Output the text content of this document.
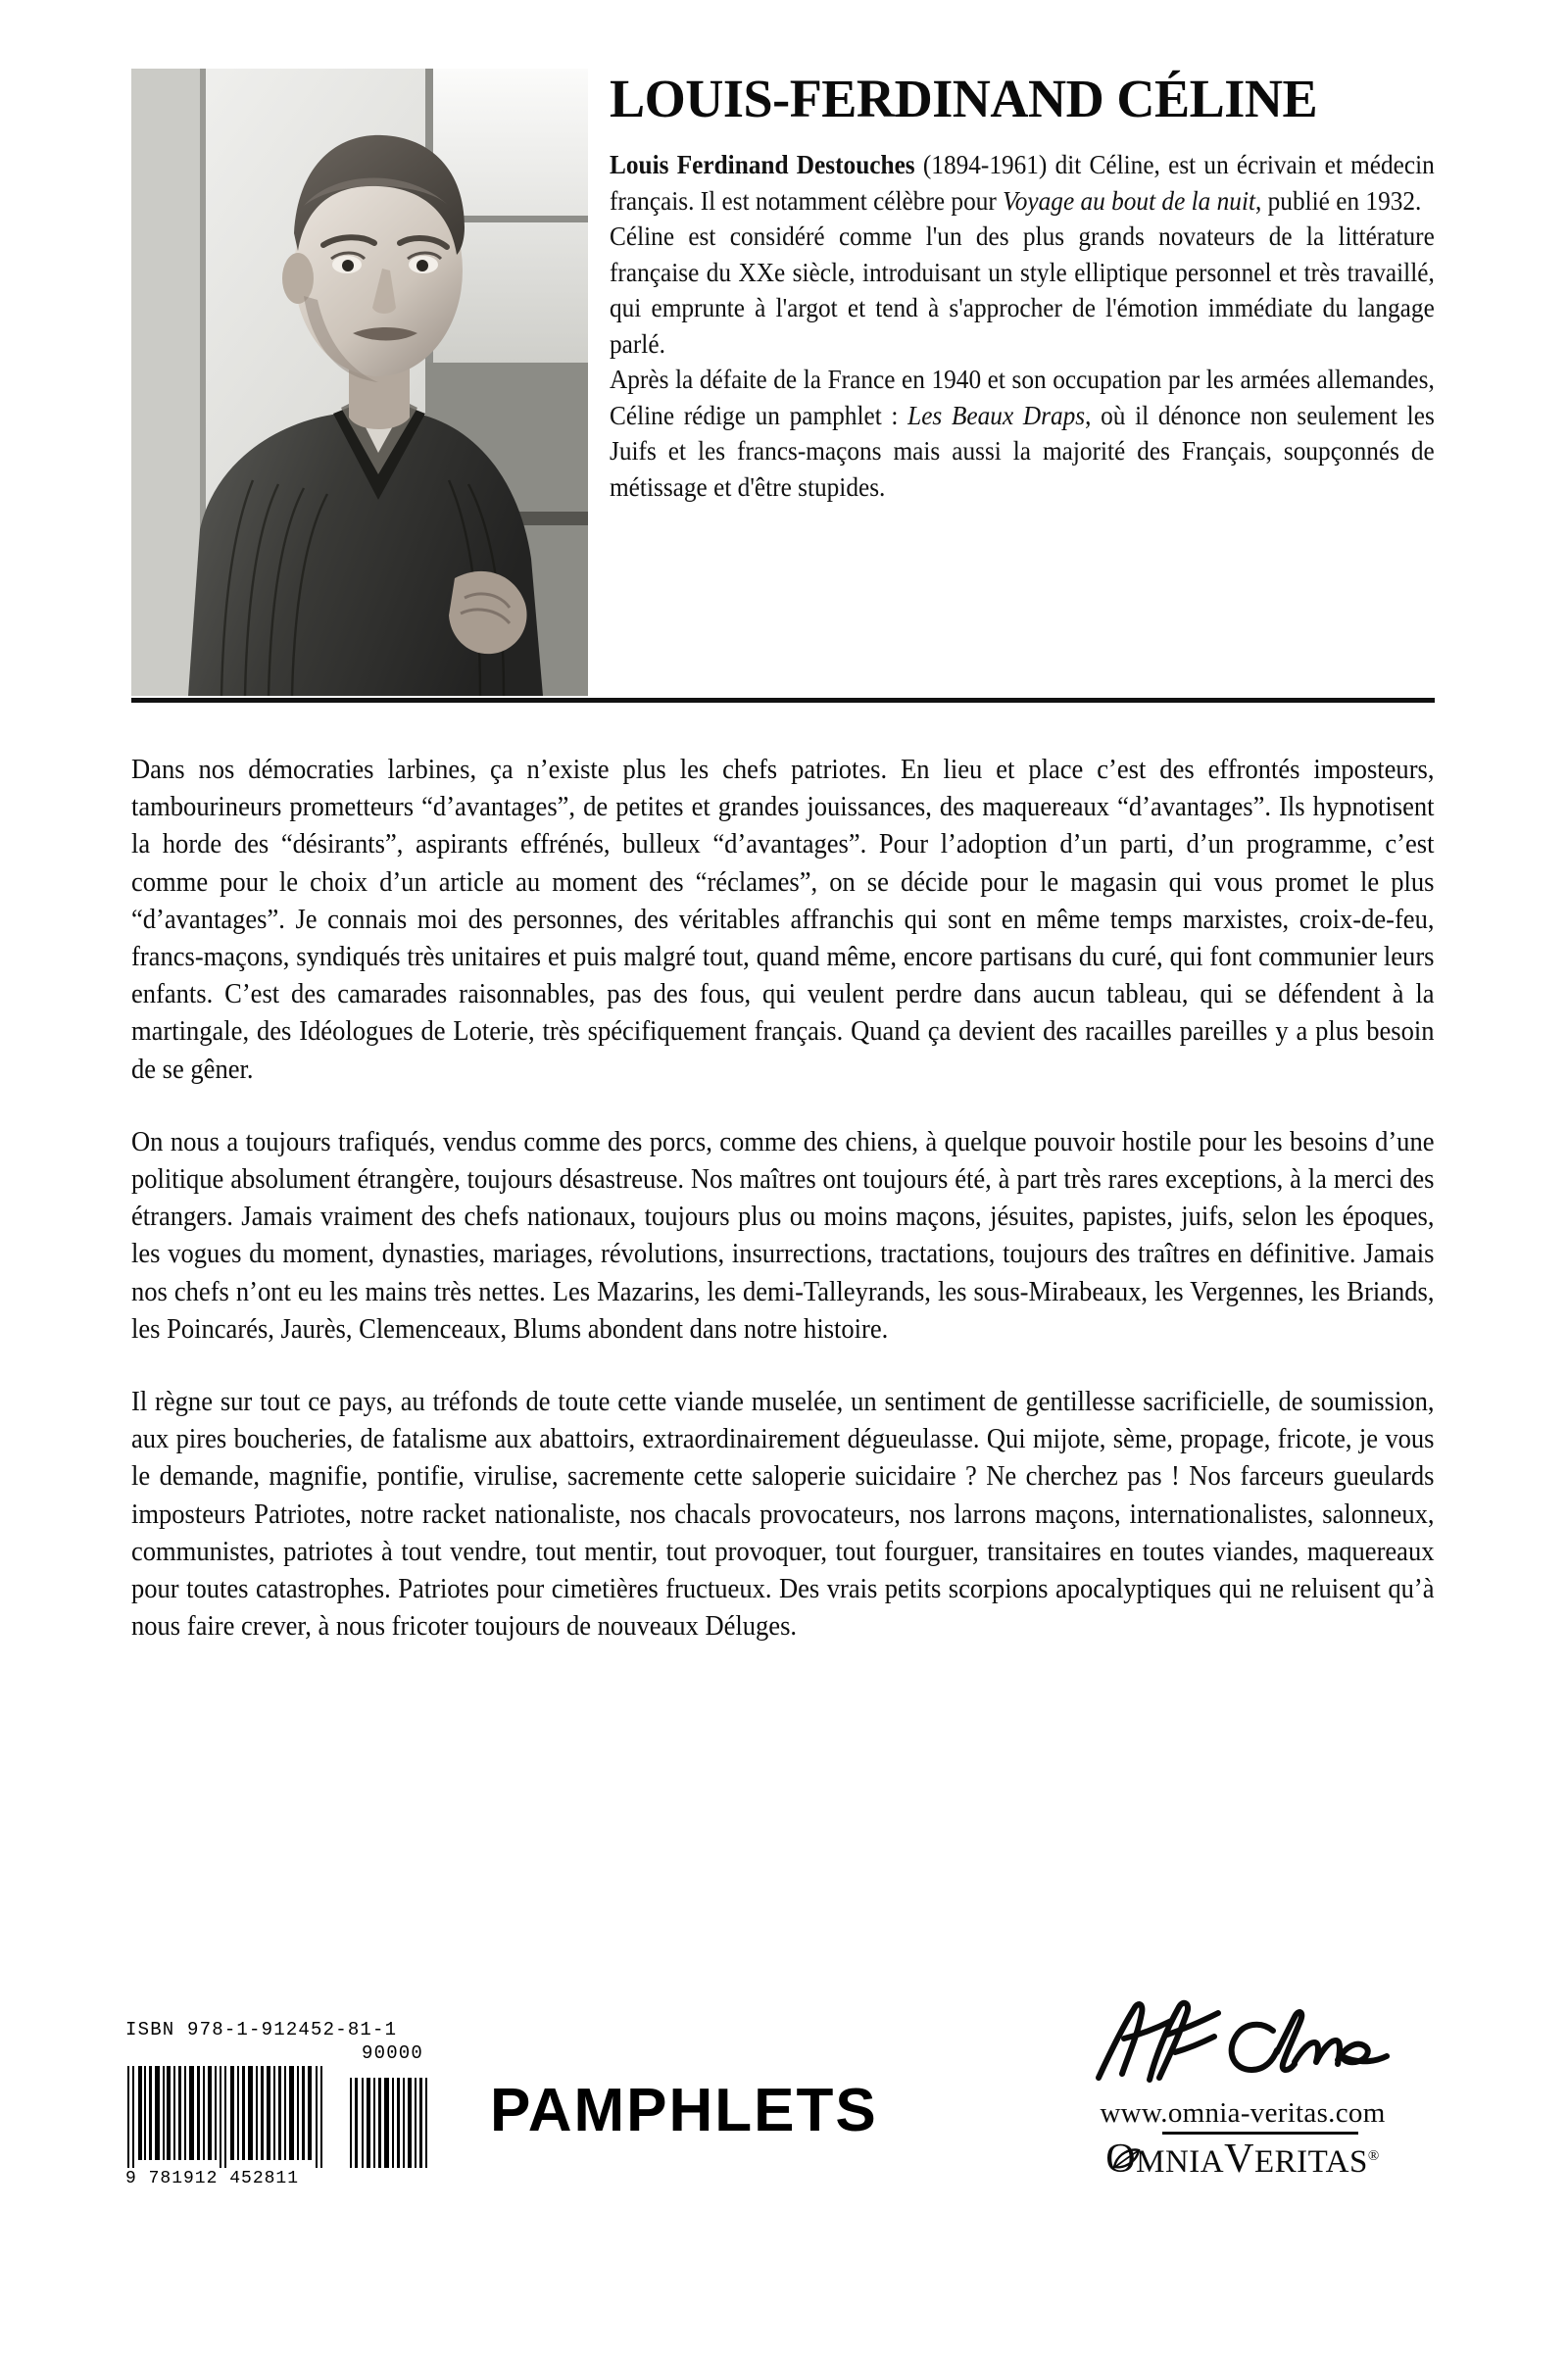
LOUIS-FERDINAND CÉLINE

Louis Ferdinand Destouches (1894-1961) dit Céline, est un écrivain et médecin français. Il est notamment célèbre pour Voyage au bout de la nuit, publié en 1932.

Céline est considéré comme l'un des plus grands novateurs de la littérature française du XXe siècle, introduisant un style elliptique personnel et très travaillé, qui emprunte à l'argot et tend à s'approcher de l'émotion immédiate du langage parlé.

Après la défaite de la France en 1940 et son occupation par les armées allemandes, Céline rédige un pamphlet : Les Beaux Draps, où il dénonce non seulement les Juifs et les francs-maçons mais aussi la majorité des Français, soupçonnés de métissage et d'être stupides.

Dans nos démocraties larbines, ça n’existe plus les chefs patriotes. En lieu et place c’est des effrontés imposteurs, tambourineurs prometteurs “d’avantages”, de petites et grandes jouissances, des maquereaux “d’avantages”. Ils hypnotisent la horde des “désirants”, aspirants effrénés, bulleux “d’avantages”. Pour l’adoption d’un parti, d’un programme, c’est comme pour le choix d’un article au moment des “réclames”, on se décide pour le magasin qui vous promet le plus “d’avantages”. Je connais moi des personnes, des véritables affranchis qui sont en même temps marxistes, croix-de-feu, francs-maçons, syndiqués très unitaires et puis malgré tout, quand même, encore partisans du curé, qui font communier leurs enfants. C’est des camarades raisonnables, pas des fous, qui veulent perdre dans aucun tableau, qui se défendent à la martingale, des Idéologues de Loterie, très spécifiquement français. Quand ça devient des racailles pareilles y a plus besoin de se gêner.

On nous a toujours trafiqués, vendus comme des porcs, comme des chiens, à quelque pouvoir hostile pour les besoins d’une politique absolument étrangère, toujours désastreuse. Nos maîtres ont toujours été, à part très rares exceptions, à la merci des étrangers. Jamais vraiment des chefs nationaux, toujours plus ou moins maçons, jésuites, papistes, juifs, selon les époques, les vogues du moment, dynasties, mariages, révolutions, insurrections, tractations, toujours des traîtres en définitive. Jamais nos chefs n’ont eu les mains très nettes. Les Mazarins, les demi-Talleyrands, les sous-Mirabeaux, les Vergennes, les Briands, les Poincarés, Jaurès, Clemenceaux, Blums abondent dans notre histoire.

Il règne sur tout ce pays, au tréfonds de toute cette viande muselée, un sentiment de gentillesse sacrificielle, de soumission, aux pires boucheries, de fatalisme aux abattoirs, extraordinairement dégueulasse. Qui mijote, sème, propage, fricote, je vous le demande, magnifie, pontifie, virulise, sacremente cette saloperie suicidaire ? Ne cherchez pas ! Nos farceurs gueulards imposteurs Patriotes, notre racket nationaliste, nos chacals provocateurs, nos larrons maçons, internationalistes, salonneux, communistes, patriotes à tout vendre, tout mentir, tout provoquer, tout fourguer, transitaires en toutes viandes, maquereaux pour toutes catastrophes. Patriotes pour cimetières fructueux. Des vrais petits scorpions apocalyptiques qui ne reluisent qu’à nous faire crever, à nous fricoter toujours de nouveaux Déluges.

ISBN 978-1-912452-81-1
90000
9 781912 452811
PAMPHLETS	www.omnia-veritas.com
OMNIAVERITAS®
